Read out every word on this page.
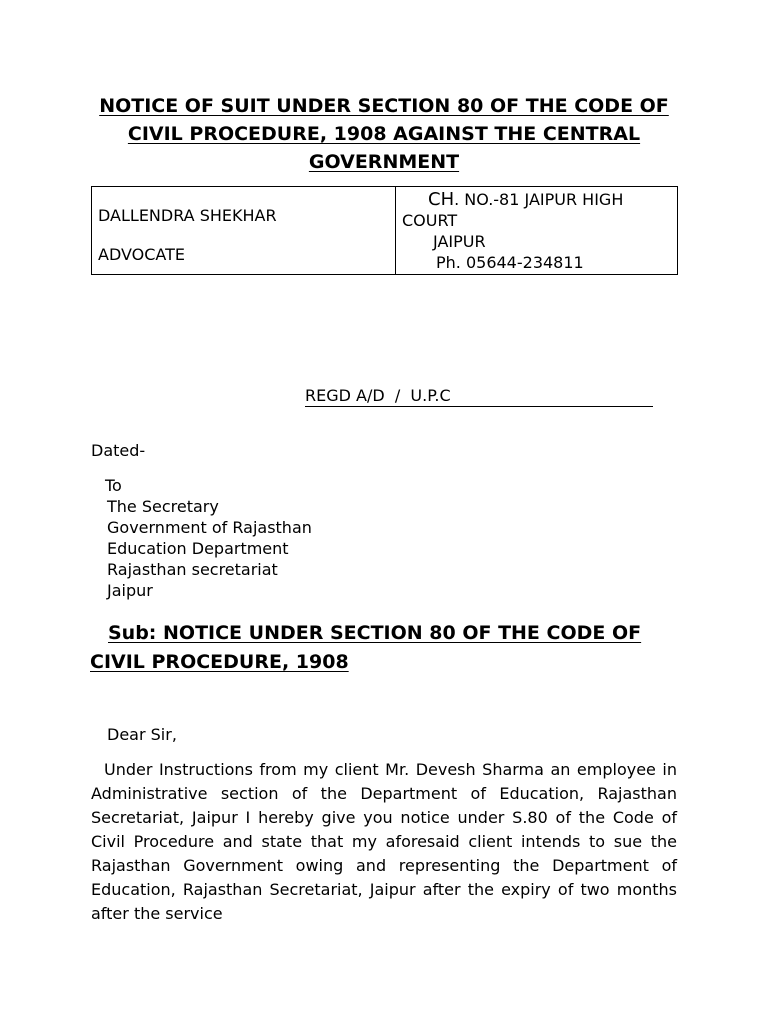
NOTICE OF SUIT UNDER SECTION 80 OF THE CODE OF CIVIL PROCEDURE, 1908 AGAINST THE CENTRAL GOVERNMENT
DALLENDRA SHEKHAR
ADVOCATE

CH. NO.-81 JAIPUR HIGH COURT
JAIPUR
Ph. 05644-234811
REGD A/D  /  U.P.C
Dated-
To
The Secretary
Government of Rajasthan
Education Department
Rajasthan secretariat
Jaipur
Sub: NOTICE UNDER SECTION 80 OF THE CODE OF CIVIL PROCEDURE, 1908
Dear Sir,

Under Instructions from my client Mr. Devesh Sharma an employee in Administrative section of the Department of Education, Rajasthan Secretariat, Jaipur I hereby give you notice under S.80 of the Code of Civil Procedure and state that my aforesaid client intends to sue the Rajasthan Government owing and representing the Department of Education, Rajasthan Secretariat, Jaipur after the expiry of two months after the service
